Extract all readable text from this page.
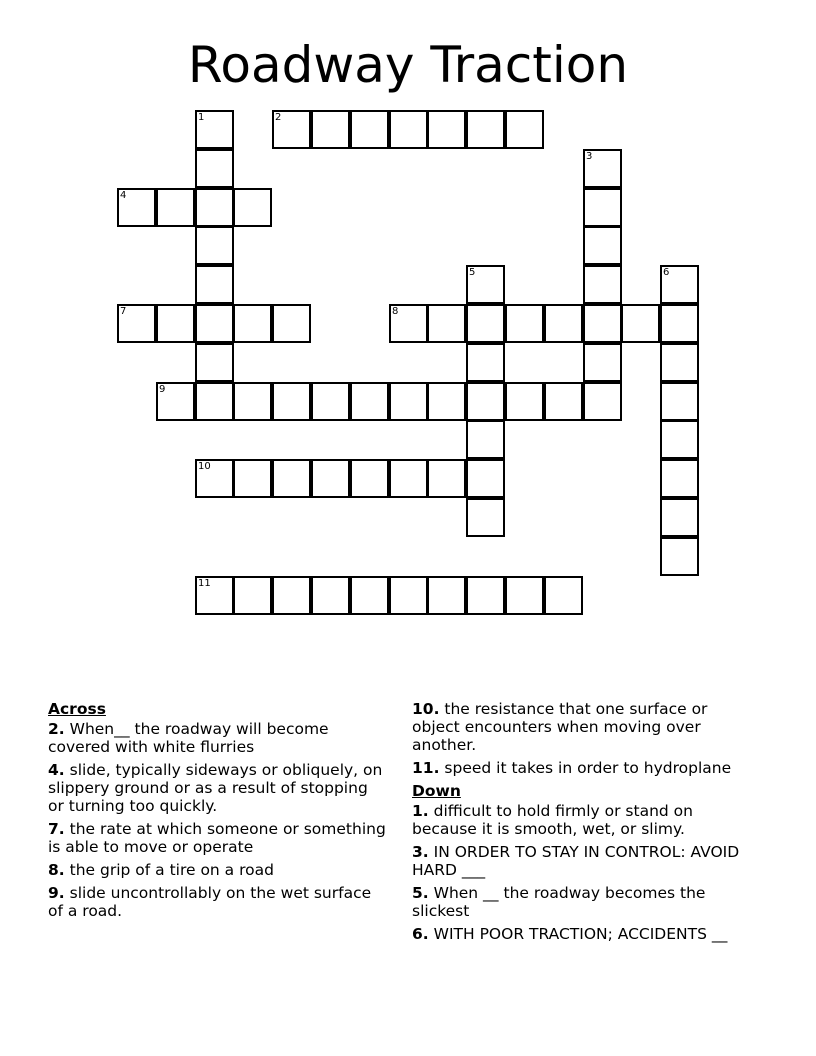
Roadway Traction
1	2
3
4
5	6
7	8
9
10
11
Across
2. When__ the roadway will become covered with white flurries
4. slide, typically sideways or obliquely, on slippery ground or as a result of stopping or turning too quickly.
7. the rate at which someone or something is able to move or operate
8. the grip of a tire on a road
9. slide uncontrollably on the wet surface of a road.
10. the resistance that one surface or object encounters when moving over another.
11. speed it takes in order to hydroplane
Down
1. difficult to hold firmly or stand on because it is smooth, wet, or slimy.
3. IN ORDER TO STAY IN CONTROL: AVOID HARD ___
5. When __ the roadway becomes the slickest
6. WITH POOR TRACTION; ACCIDENTS __
